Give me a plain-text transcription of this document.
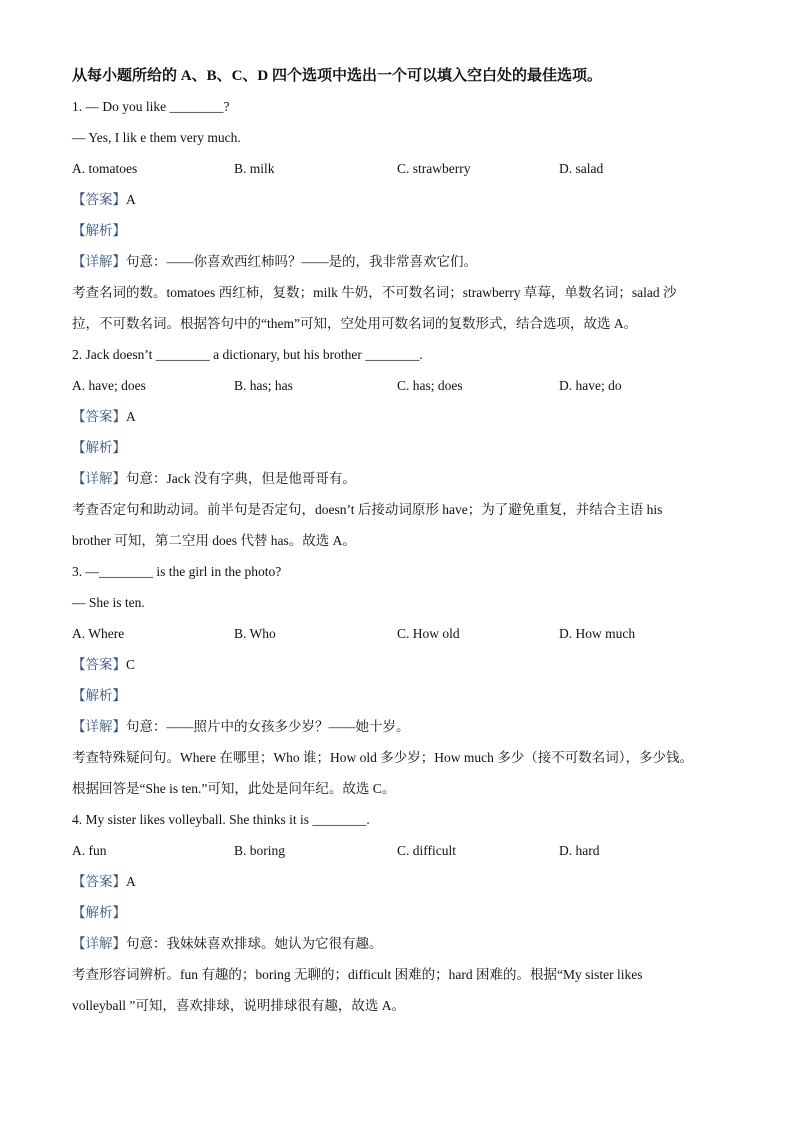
从每小题所给的 A、B、C、D 四个选项中选出一个可以填入空白处的最佳选项。
1. — Do you like ________?
— Yes, I lik e them very much.
A. tomatoes	B. milk	C. strawberry	D. salad
【答案】A
【解析】
【详解】句意：——你喜欢西红柿吗？——是的，我非常喜欢它们。
考查名词的数。tomatoes 西红柿，复数；milk 牛奶，不可数名词；strawberry 草莓，单数名词；salad 沙
拉，不可数名词。根据答句中的“them”可知，空处用可数名词的复数形式，结合选项，故选 A。
2. Jack doesn’t ________ a dictionary, but his brother ________.
A. have; does	B. has; has	C. has; does	D. have; do
【答案】A
【解析】
【详解】句意：Jack 没有字典，但是他哥哥有。
考查否定句和助动词。前半句是否定句，doesn’t 后接动词原形 have；为了避免重复，并结合主语 his
brother 可知，第二空用 does 代替 has。故选 A。
3. —________ is the girl in the photo?
— She is ten.
A. Where	B. Who	C. How old	D. How much
【答案】C
【解析】
【详解】句意：——照片中的女孩多少岁？——她十岁。
考查特殊疑问句。Where 在哪里；Who 谁；How old 多少岁；How much 多少（接不可数名词），多少钱。
根据回答是“She is ten.”可知，此处是问年纪。故选 C。
4. My sister likes volleyball. She thinks it is ________.
A. fun	B. boring	C. difficult	D. hard
【答案】A
【解析】
【详解】句意：我妹妹喜欢排球。她认为它很有趣。
考查形容词辨析。fun 有趣的；boring 无聊的；difficult 困难的；hard 困难的。根据“My sister likes
volleyball ”可知，喜欢排球，说明排球很有趣，故选 A。
